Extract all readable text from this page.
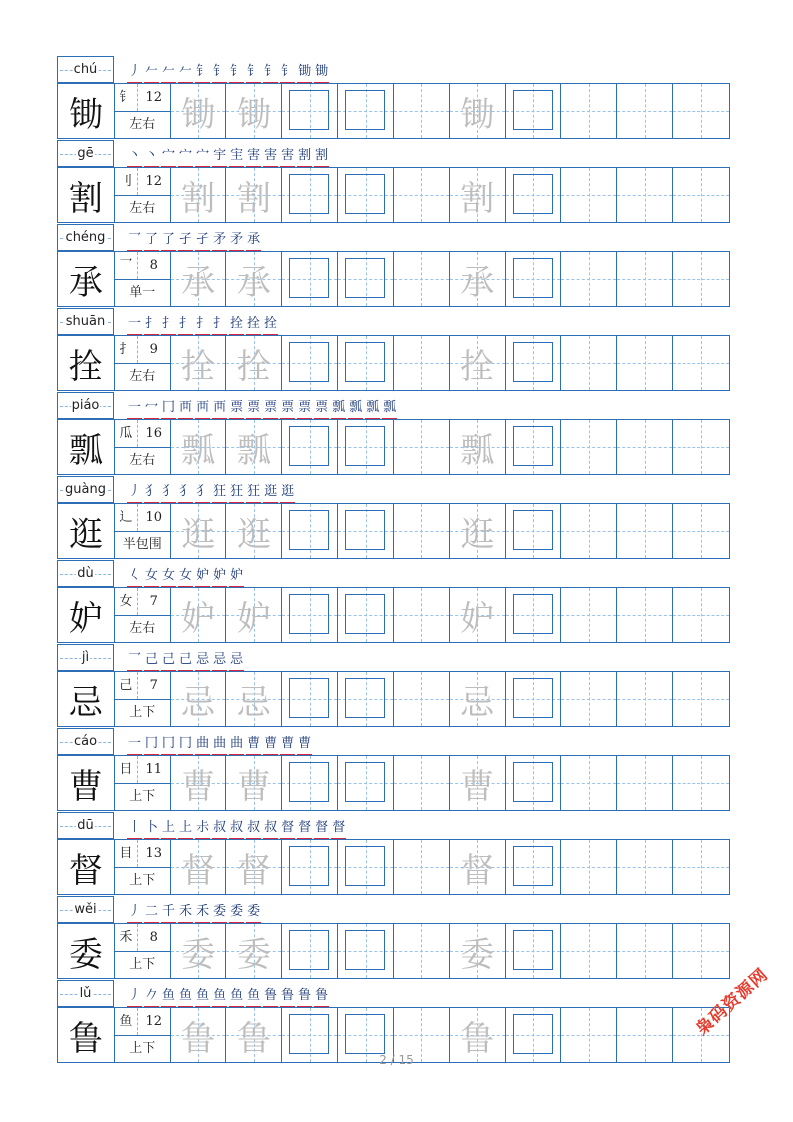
chú	丿 𠂉 𠂉 𠂉 钅 钅 钅 钅 钅 钅 锄 锄
锄	钅	12
左右 锄 锄	锄
gē	丶 丶 宀 宀 宀 宇 宔 害 害 害 割 割
割	刂	12
左右 割 割	割
chéng	乛 了 了 孑 孑 矛 矛 承
承	乛	8
单一 承 承	承
shuān	一 扌 扌 扌 扌 扌 拴 拴 拴
拴	扌	9
左右 拴 拴	拴
piáo	一 冖 冂 襾 襾 襾 票 票 票 票 票 票 瓢 瓢 瓢 瓢
瓢	瓜	16
左右 瓢 瓢	瓢
guàng	丿 犭 犭 犭 犭 狂 狂 狂 逛 逛
逛	辶	10
半包围 逛 逛	逛
dù	𡿨 女 女 女 妒 妒 妒
妒	女	7
左右 妒 妒	妒
jì	乛 己 己 己 忌 忌 忌
忌	己	7
上下 忌 忌	忌
cáo	一 冂 冂 冂 曲 曲 曲 曹 曹 曹 曹
曹	日	11
上下 曹 曹	曹
dū	丨 卜 上 上 尗 叔 叔 叔 叔 督 督 督 督
督	目	13
上下 督 督	督
wěi	丿 二 千 禾 禾 委 委 委
委	禾	8
上下 委 委	委
lǔ	丿 𠂊 鱼 鱼 鱼 鱼 鱼 鱼 鲁 鲁 鲁 鲁
鲁	鱼	12
上下 鲁 鲁	鲁
2 / 15
枭码资源网
